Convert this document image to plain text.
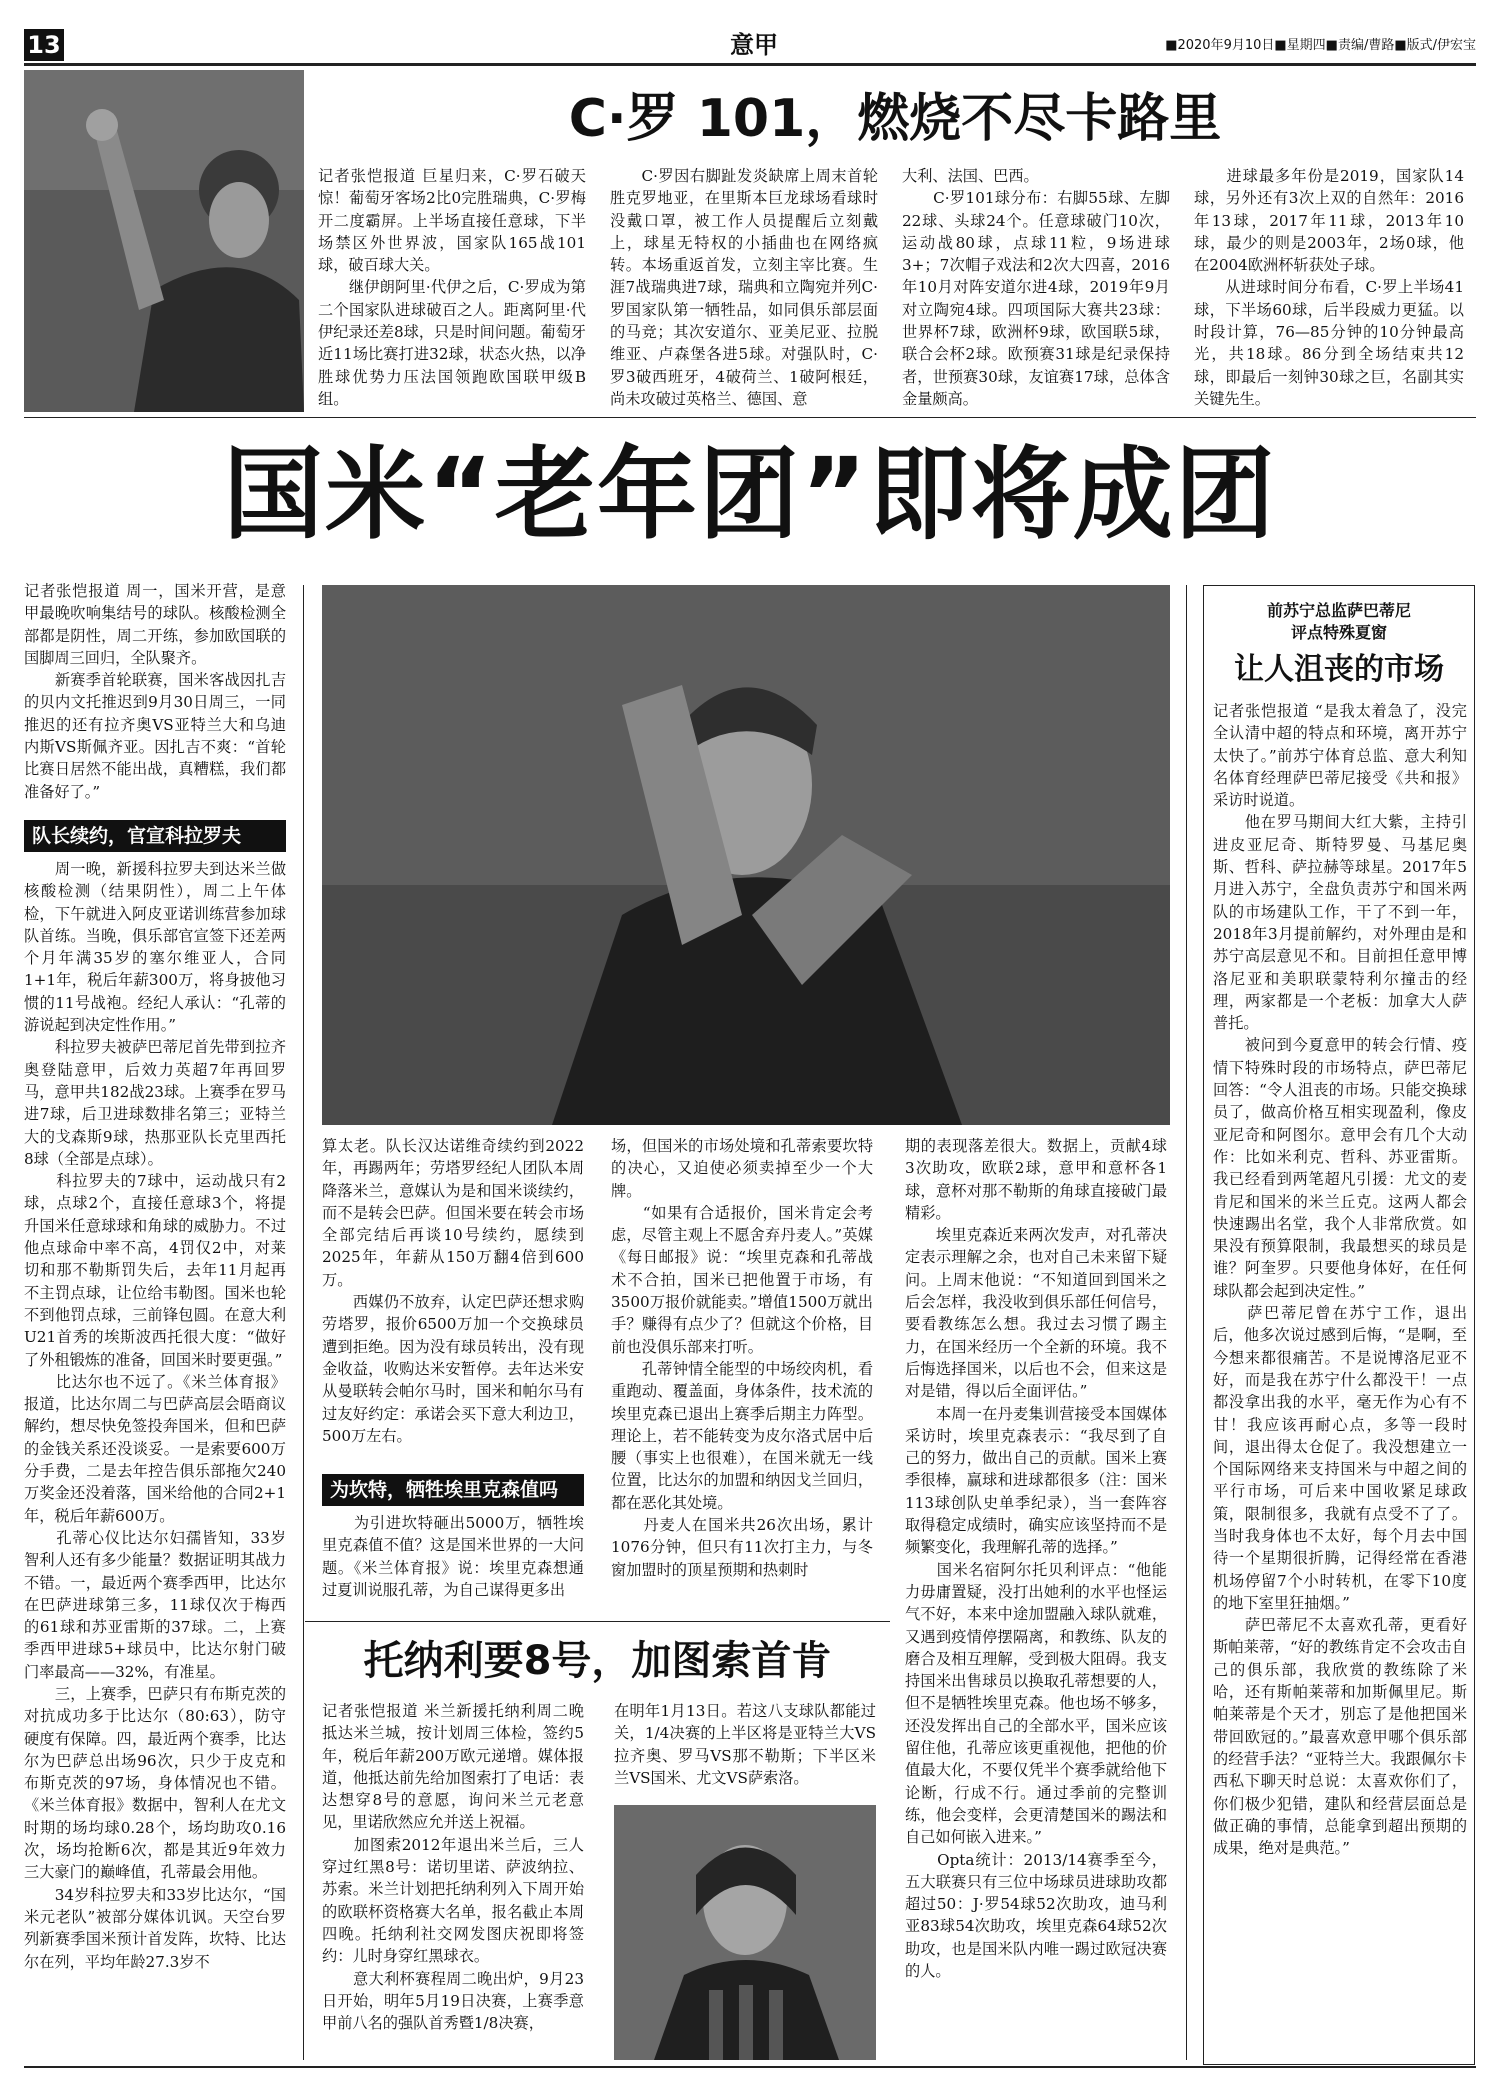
13	意甲	■2020年9月10日■星期四■责编/曹路■版式/伊宏宝
C·罗 101，燃烧不尽卡路里
记者张恺报道 巨星归来，C·罗石破天惊！葡萄牙客场2比0完胜瑞典，C·罗梅开二度霸屏。上半场直接任意球，下半场禁区外世界波，国家队165战101球，破百球大关。
　　继伊朗阿里·代伊之后，C·罗成为第二个国家队进球破百之人。距离阿里·代伊纪录还差8球，只是时间问题。葡萄牙近11场比赛打进32球，状态火热，以净胜球优势力压法国领跑欧国联甲级B组。
　　C·罗因右脚趾发炎缺席上周末首轮胜克罗地亚，在里斯本巨龙球场看球时没戴口罩，被工作人员提醒后立刻戴上，球星无特权的小插曲也在网络疯转。本场重返首发，立刻主宰比赛。生涯7战瑞典进7球，瑞典和立陶宛并列C·罗国家队第一牺牲品，如同俱乐部层面的马竞；其次安道尔、亚美尼亚、拉脱维亚、卢森堡各进5球。对强队时，C·罗3破西班牙，4破荷兰、1破阿根廷，尚未攻破过英格兰、德国、意
大利、法国、巴西。
　　C·罗101球分布：右脚55球、左脚22球、头球24个。任意球破门10次，运动战80球，点球11粒，9场进球3+；7次帽子戏法和2次大四喜，2016年10月对阵安道尔进4球，2019年9月对立陶宛4球。四项国际大赛共23球：世界杯7球，欧洲杯9球，欧国联5球，联合会杯2球。欧预赛31球是纪录保持者，世预赛30球，友谊赛17球，总体含金量颇高。
　　进球最多年份是2019，国家队14球，另外还有3次上双的自然年：2016年13球，2017年11球，2013年10球，最少的则是2003年，2场0球，他在2004欧洲杯斩获处子球。
　　从进球时间分布看，C·罗上半场41球，下半场60球，后半段威力更猛。以时段计算，76—85分钟的10分钟最高光，共18球。86分到全场结束共12球，即最后一刻钟30球之巨，名副其实关键先生。
国米“老年团”即将成团
记者张恺报道 周一，国米开营，是意甲最晚吹响集结号的球队。核酸检测全部都是阴性，周二开练，参加欧国联的国脚周三回归，全队聚齐。
　　新赛季首轮联赛，国米客战因扎吉的贝内文托推迟到9月30日周三，一同推迟的还有拉齐奥VS亚特兰大和乌迪内斯VS斯佩齐亚。因扎吉不爽：“首轮比赛日居然不能出战，真糟糕，我们都准备好了。”
队长续约，官宣科拉罗夫
　　周一晚，新援科拉罗夫到达米兰做核酸检测（结果阴性），周二上午体检，下午就进入阿皮亚诺训练营参加球队首练。当晚，俱乐部官宣签下还差两个月年满35岁的塞尔维亚人，合同1+1年，税后年薪300万，将身披他习惯的11号战袍。经纪人承认：“孔蒂的游说起到决定性作用。”
　　科拉罗夫被萨巴蒂尼首先带到拉齐奥登陆意甲，后效力英超7年再回罗马，意甲共182战23球。上赛季在罗马进7球，后卫进球数排名第三；亚特兰大的戈森斯9球，热那亚队长克里西托8球（全部是点球）。
　　科拉罗夫的7球中，运动战只有2球，点球2个，直接任意球3个，将提升国米任意球球和角球的威胁力。不过他点球命中率不高，4罚仅2中，对莱切和那不勒斯罚失后，去年11月起再不主罚点球，让位给韦勒图。国米也轮不到他罚点球，三前锋包圆。在意大利U21首秀的埃斯波西托很大度：“做好了外租锻炼的准备，回国米时要更强。”
　　比达尔也不远了。《米兰体育报》报道，比达尔周二与巴萨高层会晤商议解约，想尽快免签投奔国米，但和巴萨的金钱关系还没谈妥。一是索要600万分手费，二是去年控告俱乐部拖欠240万奖金还没着落，国米给他的合同2+1年，税后年薪600万。
　　孔蒂心仪比达尔妇孺皆知，33岁智利人还有多少能量？数据证明其战力不错。一，最近两个赛季西甲，比达尔在巴萨进球第三多，11球仅次于梅西的61球和苏亚雷斯的37球。二，上赛季西甲进球5+球员中，比达尔射门破门率最高——32%，有准星。
　　三，上赛季，巴萨只有布斯克茨的对抗成功多于比达尔（80:63），防守硬度有保障。四，最近两个赛季，比达尔为巴萨总出场96次，只少于皮克和布斯克茨的97场，身体情况也不错。《米兰体育报》数据中，智利人在尤文时期的场均球0.28个，场均助攻0.16次，场均抢断6次，都是其近9年效力三大豪门的巅峰值，孔蒂最会用他。
　　34岁科拉罗夫和33岁比达尔，“国米元老队”被部分媒体讥讽。天空台罗列新赛季国米预计首发阵，坎特、比达尔在列，平均年龄27.3岁不
算太老。队长汉达诺维奇续约到2022年，再踢两年；劳塔罗经纪人团队本周降落米兰，意媒认为是和国米谈续约，而不是转会巴萨。但国米要在转会市场全部完结后再谈10号续约，愿续到2025年，年薪从150万翻4倍到600万。
　　西媒仍不放弃，认定巴萨还想求购劳塔罗，报价6500万加一个交换球员遭到拒绝。因为没有球员转出，没有现金收益，收购达米安暂停。去年达米安从曼联转会帕尔马时，国米和帕尔马有过友好约定：承诺会买下意大利边卫，500万左右。
为坎特，牺牲埃里克森值吗
　　为引进坎特砸出5000万，牺牲埃里克森值不值？这是国米世界的一大问题。《米兰体育报》说：埃里克森想通过夏训说服孔蒂，为自己谋得更多出
场，但国米的市场处境和孔蒂索要坎特的决心，又迫使必须卖掉至少一个大牌。
　　“如果有合适报价，国米肯定会考虑，尽管主观上不愿舍弃丹麦人。”英媒《每日邮报》说：“埃里克森和孔蒂战术不合拍，国米已把他置于市场，有3500万报价就能卖。”增值1500万就出手？赚得有点少了？但就这个价格，目前也没俱乐部来打听。
　　孔蒂钟情全能型的中场绞肉机，看重跑动、覆盖面，身体条件，技术流的埃里克森已退出上赛季后期主力阵型。理论上，若不能转变为皮尔洛式居中后腰（事实上也很难），在国米就无一线位置，比达尔的加盟和纳因戈兰回归，都在恶化其处境。
　　丹麦人在国米共26次出场，累计1076分钟，但只有11次打主力，与冬窗加盟时的顶星预期和热刺时
期的表现落差很大。数据上，贡献4球3次助攻，欧联2球，意甲和意杯各1球，意杯对那不勒斯的角球直接破门最精彩。
　　埃里克森近来两次发声，对孔蒂决定表示理解之余，也对自己未来留下疑问。上周末他说：“不知道回到国米之后会怎样，我没收到俱乐部任何信号，要看教练怎么想。我过去习惯了踢主力，在国米经历一个全新的环境。我不后悔选择国米，以后也不会，但来这是对是错，得以后全面评估。”
　　本周一在丹麦集训营接受本国媒体采访时，埃里克森表示：“我尽到了自己的努力，做出自己的贡献。国米上赛季很棒，赢球和进球都很多（注：国米113球创队史单季纪录），当一套阵容取得稳定成绩时，确实应该坚持而不是频繁变化，我理解孔蒂的选择。”
　　国米名宿阿尔托贝利评点：“他能力毋庸置疑，没打出她利的水平也怪运气不好，本来中途加盟融入球队就难，又遇到疫情停摆隔离，和教练、队友的磨合及相互理解，受到极大阻碍。我支持国米出售球员以换取孔蒂想要的人，但不是牺牲埃里克森。他也场不够多，还没发挥出自己的全部水平，国米应该留住他，孔蒂应该更重视他，把他的价值最大化，不要仅凭半个赛季就给他下论断，行成不行。通过季前的完整训练，他会变样，会更清楚国米的踢法和自己如何嵌入进来。”
　　Opta统计：2013/14赛季至今，五大联赛只有三位中场球员进球助攻都超过50：J·罗54球52次助攻，迪马利亚83球54次助攻，埃里克森64球52次助攻，也是国米队内唯一踢过欧冠决赛的人。
托纳利要8号，加图索首肯
记者张恺报道 米兰新援托纳利周二晚抵达米兰城，按计划周三体检，签约5年，税后年薪200万欧元递增。媒体报道，他抵达前先给加图索打了电话：表达想穿8号的意愿，询问米兰元老意见，里诺欣然应允并送上祝福。
　　加图索2012年退出米兰后，三人穿过红黑8号：诺切里诺、萨波纳拉、苏索。米兰计划把托纳利列入下周开始的欧联杯资格赛大名单，报名截止本周四晚。托纳利社交网发图庆祝即将签约：儿时身穿红黑球衣。
　　意大利杯赛程周二晚出炉，9月23日开始，明年5月19日决赛，上赛季意甲前八名的强队首秀暨1/8决赛，
在明年1月13日。若这八支球队都能过关，1/4决赛的上半区将是亚特兰大VS拉齐奥、罗马VS那不勒斯；下半区米兰VS国米、尤文VS萨索洛。
前苏宁总监萨巴蒂尼
评点特殊夏窗
让人沮丧的市场
记者张恺报道 “是我太着急了，没完全认清中超的特点和环境，离开苏宁太快了。”前苏宁体育总监、意大利知名体育经理萨巴蒂尼接受《共和报》采访时说道。
　　他在罗马期间大红大紫，主持引进皮亚尼奇、斯特罗曼、马基尼奥斯、哲科、萨拉赫等球星。2017年5月进入苏宁，全盘负责苏宁和国米两队的市场建队工作，干了不到一年，2018年3月提前解约，对外理由是和苏宁高层意见不和。目前担任意甲博洛尼亚和美职联蒙特利尔撞击的经理，两家都是一个老板：加拿大人萨普托。
　　被问到今夏意甲的转会行情、疫情下特殊时段的市场特点，萨巴蒂尼回答：“令人沮丧的市场。只能交换球员了，做高价格互相实现盈利，像皮亚尼奇和阿图尔。意甲会有几个大动作：比如米利克、哲科、苏亚雷斯。我已经看到两笔超凡引援：尤文的麦肯尼和国米的米兰丘克。这两人都会快速踢出名堂，我个人非常欣赏。如果没有预算限制，我最想买的球员是谁？阿奎罗。只要他身体好，在任何球队都会起到决定性。”
　　萨巴蒂尼曾在苏宁工作，退出后，他多次说过感到后悔，“是啊，至今想来都很痛苦。不是说博洛尼亚不好，而是我在苏宁什么都没干！一点都没拿出我的水平，毫无作为心有不甘！我应该再耐心点，多等一段时间，退出得太仓促了。我没想建立一个国际网络来支持国米与中超之间的平行市场，可后来中国收紧足球政策，限制很多，我就有点受不了了。当时我身体也不太好，每个月去中国待一个星期很折腾，记得经常在香港机场停留7个小时转机，在零下10度的地下室里狂抽烟。”
　　萨巴蒂尼不太喜欢孔蒂，更看好斯帕莱蒂，“好的教练肯定不会攻击自己的俱乐部，我欣赏的教练除了米哈，还有斯帕莱蒂和加斯佩里尼。斯帕莱蒂是个天才，别忘了是他把国米带回欧冠的。”最喜欢意甲哪个俱乐部的经营手法？“亚特兰大。我跟佩尔卡西私下聊天时总说：太喜欢你们了，你们极少犯错，建队和经营层面总是做正确的事情，总能拿到超出预期的成果，绝对是典范。”
